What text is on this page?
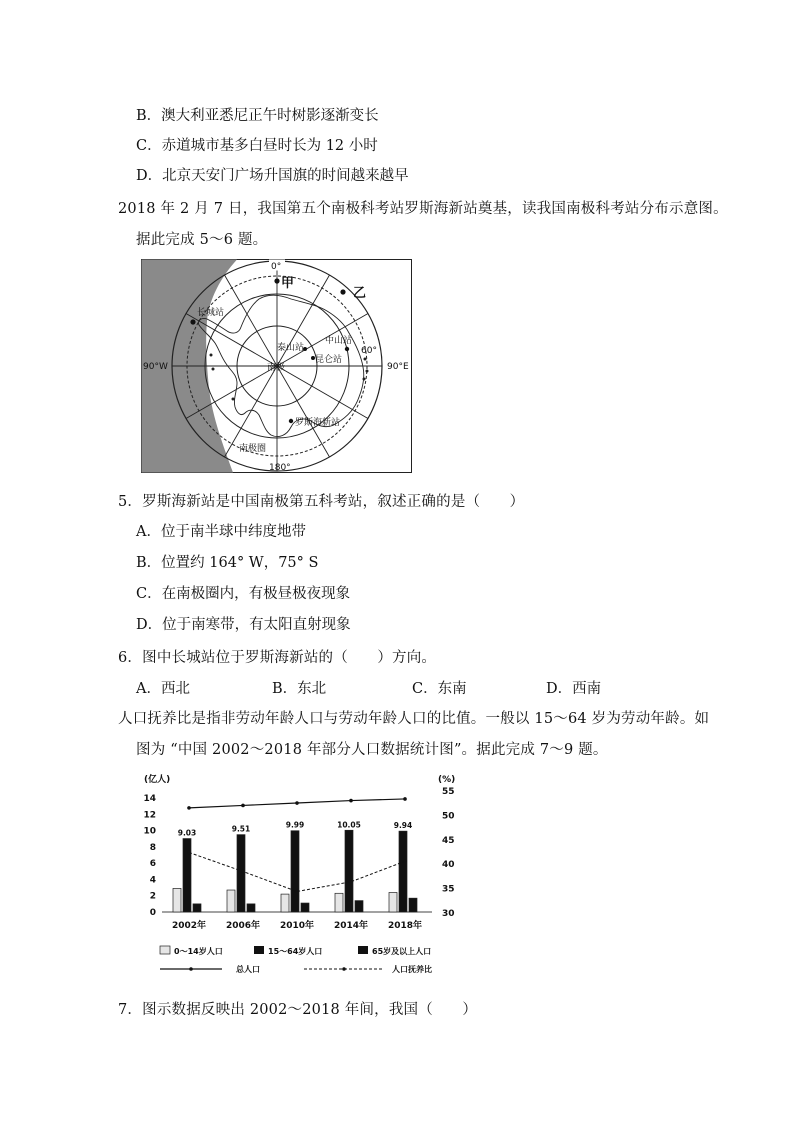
B．澳大利亚悉尼正午时树影逐渐变长
C．赤道城市基多白昼时长为 12 小时
D．北京天安门广场升国旗的时间越来越早
2018 年 2 月 7 日，我国第五个南极科考站罗斯海新站奠基，读我国南极科考站分布示意图。
据此完成 5～6 题。
0°
甲
乙
长城站
中山站
泰山站
昆仑站
60°
南极
90°W	90°E
罗斯海新站
南极圈
180°
5．罗斯海新站是中国南极第五科考站，叙述正确的是（　　）
A．位于南半球中纬度地带
B．位置约 164° W，75° S
C．在南极圈内，有极昼极夜现象
D．位于南寒带，有太阳直射现象
6．图中长城站位于罗斯海新站的（　　）方向。
A．西北	B．东北	C．东南	D．西南
人口抚养比是指非劳动年龄人口与劳动年龄人口的比值。一般以 15～64 岁为劳动年龄。如
图为 “中国 2002～2018 年部分人口数据统计图”。据此完成 7～9 题。
(亿人)	(%)
9.03	9.51	9.99	10.05	9.94
0
2
4
6
8
10
12
14
30
35
40
45
50
55
2002年 2006年 2010年 2014年 2018年
0～14岁人口	15～64岁人口	65岁及以上人口
总人口	人口抚养比
7．图示数据反映出 2002～2018 年间，我国（　　）
